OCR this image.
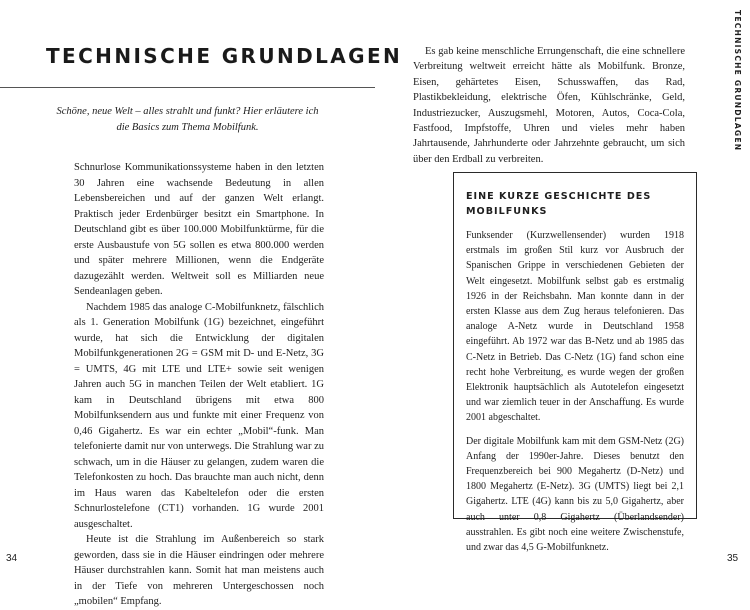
TECHNISCHE GRUNDLAGEN
Schöne, neue Welt – alles strahlt und funkt? Hier erläutere ich
die Basics zum Thema Mobilfunk.

Schnurlose Kommunikationssysteme haben in den letzten 30 Jahren eine wachsende Bedeutung in allen Lebensbereichen und auf der ganzen Welt erlangt. Praktisch jeder Erdenbürger besitzt ein Smartphone. In Deutschland gibt es über 100.000 Mobilfunktürme, für die erste Ausbaustufe von 5G sollen es etwa 800.000 werden und später mehrere Millionen, wenn die Endgeräte dazugezählt werden. Weltweit soll es Milliarden neue Sendeanlagen geben.

Nachdem 1985 das analoge C-Mobilfunknetz, fälschlich als 1. Generation Mobilfunk (1G) bezeichnet, eingeführt wurde, hat sich die Entwicklung der digitalen Mobilfunkgenerationen 2G = GSM mit D- und E-Netz, 3G = UMTS, 4G mit LTE und LTE+ sowie seit wenigen Jahren auch 5G in manchen Teilen der Welt etabliert. 1G kam in Deutschland übrigens mit etwa 800 Mobilfunksendern aus und funkte mit einer Frequenz von 0,46 Gigahertz. Es war ein echter „Mobil“-funk. Man telefonierte damit nur von unterwegs. Die Strahlung war zu schwach, um in die Häuser zu gelangen, zudem waren die Telefonkosten zu hoch. Das brauchte man auch nicht, denn im Haus waren das Kabeltelefon oder die ersten Schnurlostelefone (CT1) vorhanden. 1G wurde 2001 ausgeschaltet.

Heute ist die Strahlung im Außenbereich so stark geworden, dass sie in die Häuser eindringen oder mehrere Häuser durchstrahlen kann. Somit hat man meistens auch in der Tiefe von mehreren Untergeschossen noch „mobilen“ Empfang.

34

Es gab keine menschliche Errungenschaft, die eine schnellere Verbreitung weltweit erreicht hätte als Mobilfunk. Bronze, Eisen, gehärtetes Eisen, Schusswaffen, das Rad, Plastikbekleidung, elektrische Öfen, Kühlschränke, Geld, Industriezucker, Auszugsmehl, Motoren, Autos, Coca-Cola, Fastfood, Impfstoffe, Uhren und vieles mehr haben Jahrtausende, Jahrhunderte oder Jahrzehnte gebraucht, um sich über den Erdball zu verbreiten.

EINE KURZE GESCHICHTE DES
MOBILFUNKS

Funksender (Kurzwellensender) wurden 1918 erstmals im großen Stil kurz vor Ausbruch der Spanischen Grippe in verschiedenen Gebieten der Welt eingesetzt. Mobilfunk selbst gab es erstmalig 1926 in der Reichsbahn. Man konnte dann in der ersten Klasse aus dem Zug heraus telefonieren. Das analoge A-Netz wurde in Deutschland 1958 eingeführt. Ab 1972 war das B-Netz und ab 1985 das C-Netz in Betrieb. Das C-Netz (1G) fand schon eine recht hohe Verbreitung, es wurde wegen der großen Elektronik hauptsächlich als Autotelefon eingesetzt und war ziemlich teuer in der Anschaffung. Es wurde 2001 abgeschaltet.

Der digitale Mobilfunk kam mit dem GSM-Netz (2G) Anfang der 1990er-Jahre. Dieses benutzt den Frequenzbereich bei 900 Megahertz (D-Netz) und 1800 Megahertz (E-Netz). 3G (UMTS) liegt bei 2,1 Gigahertz. LTE (4G) kann bis zu 5,0 Gigahertz, aber auch unter 0,8 Gigahertz (Überlandsender) ausstrahlen. Es gibt noch eine weitere Zwischenstufe, und zwar das 4,5 G-Mobilfunknetz.

35
TECHNISCHE GRUNDLAGEN
